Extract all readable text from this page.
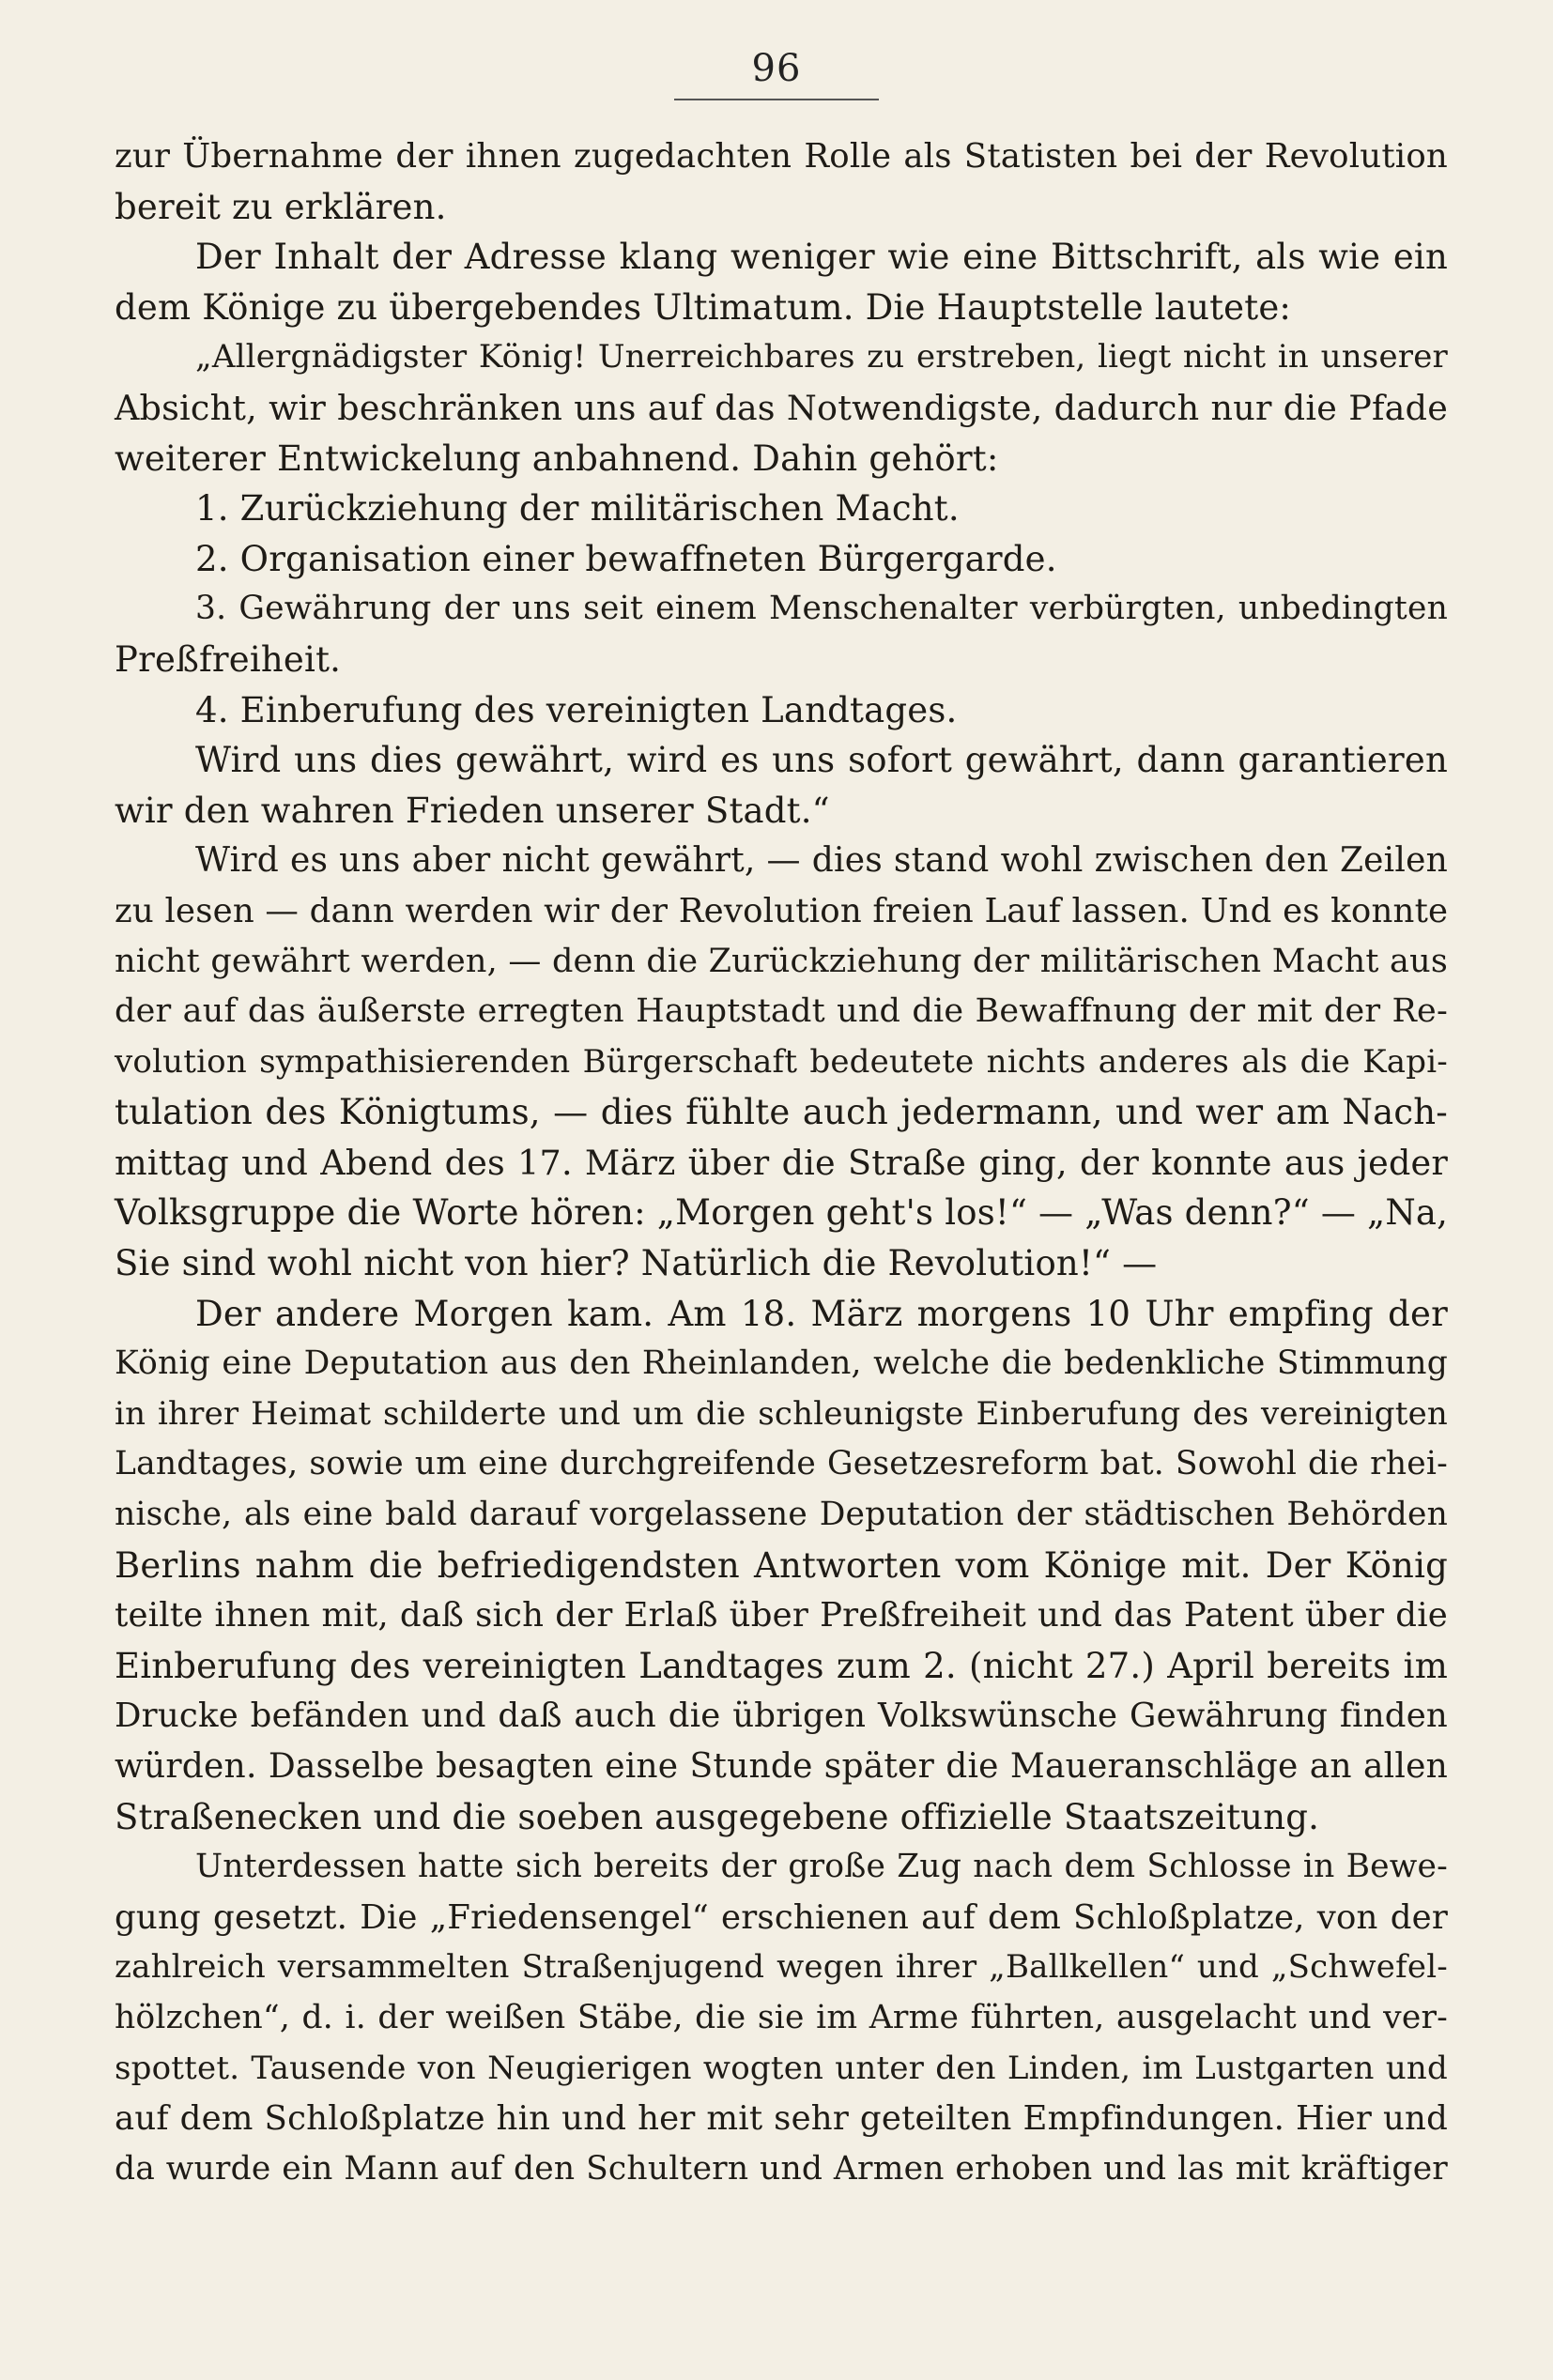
96
zur Übernahme der ihnen zugedachten Rolle als Statisten bei der Revolution
bereit zu erklären.
Der Inhalt der Adresse klang weniger wie eine Bittschrift, als wie ein
dem Könige zu übergebendes Ultimatum. Die Hauptstelle lautete:
„Allergnädigster König! Unerreichbares zu erstreben, liegt nicht in unserer
Absicht, wir beschränken uns auf das Notwendigste, dadurch nur die Pfade
weiterer Entwickelung anbahnend. Dahin gehört:
1. Zurückziehung der militärischen Macht.
2. Organisation einer bewaffneten Bürgergarde.
3. Gewährung der uns seit einem Menschenalter verbürgten, unbedingten
Preßfreiheit.
4. Einberufung des vereinigten Landtages.
Wird uns dies gewährt, wird es uns sofort gewährt, dann garantieren
wir den wahren Frieden unserer Stadt.“
Wird es uns aber nicht gewährt, — dies stand wohl zwischen den Zeilen
zu lesen — dann werden wir der Revolution freien Lauf lassen. Und es konnte
nicht gewährt werden, — denn die Zurückziehung der militärischen Macht aus
der auf das äußerste erregten Hauptstadt und die Bewaffnung der mit der Re-
volution sympathisierenden Bürgerschaft bedeutete nichts anderes als die Kapi-
tulation des Königtums, — dies fühlte auch jedermann, und wer am Nach-
mittag und Abend des 17. März über die Straße ging, der konnte aus jeder
Volksgruppe die Worte hören: „Morgen geht's los!“ — „Was denn?“ — „Na,
Sie sind wohl nicht von hier? Natürlich die Revolution!“ —
Der andere Morgen kam. Am 18. März morgens 10 Uhr empfing der
König eine Deputation aus den Rheinlanden, welche die bedenkliche Stimmung
in ihrer Heimat schilderte und um die schleunigste Einberufung des vereinigten
Landtages, sowie um eine durchgreifende Gesetzesreform bat. Sowohl die rhei-
nische, als eine bald darauf vorgelassene Deputation der städtischen Behörden
Berlins nahm die befriedigendsten Antworten vom Könige mit. Der König
teilte ihnen mit, daß sich der Erlaß über Preßfreiheit und das Patent über die
Einberufung des vereinigten Landtages zum 2. (nicht 27.) April bereits im
Drucke befänden und daß auch die übrigen Volkswünsche Gewährung finden
würden. Dasselbe besagten eine Stunde später die Maueranschläge an allen
Straßenecken und die soeben ausgegebene offizielle Staatszeitung.
Unterdessen hatte sich bereits der große Zug nach dem Schlosse in Bewe-
gung gesetzt. Die „Friedensengel“ erschienen auf dem Schloßplatze, von der
zahlreich versammelten Straßenjugend wegen ihrer „Ballkellen“ und „Schwefel-
hölzchen“, d. i. der weißen Stäbe, die sie im Arme führten, ausgelacht und ver-
spottet. Tausende von Neugierigen wogten unter den Linden, im Lustgarten und
auf dem Schloßplatze hin und her mit sehr geteilten Empfindungen. Hier und
da wurde ein Mann auf den Schultern und Armen erhoben und las mit kräftiger
